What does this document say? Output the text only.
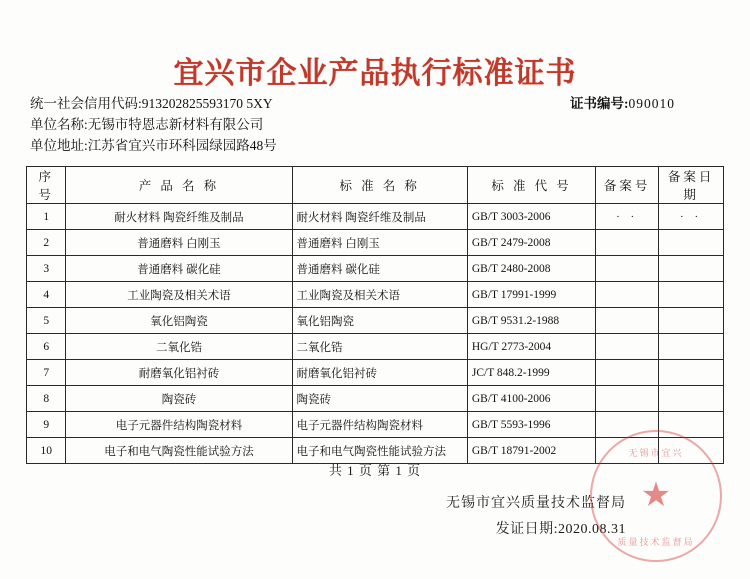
宜兴市企业产品执行标准证书
统一社会信用代码:913202825593170 5XY	证书编号:090010
单位名称:无锡市特恩志新材料有限公司
单位地址:江苏省宜兴市环科园绿园路48号
序号	产 品 名 称	标 准 名 称	标 准 代 号	备案号	备案日期
1	耐火材料 陶瓷纤维及制品	耐火材料 陶瓷纤维及制品	GB/T 3003-2006	· ·	· ·
2	普通磨料 白刚玉	普通磨料 白刚玉	GB/T 2479-2008		
3	普通磨料 碳化硅	普通磨料 碳化硅	GB/T 2480-2008		
4	工业陶瓷及相关术语	工业陶瓷及相关术语	GB/T 17991-1999		
5	氧化铝陶瓷	氧化铝陶瓷	GB/T 9531.2-1988		
6	二氧化锆	二氧化锆	HG/T 2773-2004		
7	耐磨氧化铝衬砖	耐磨氧化铝衬砖	JC/T 848.2-1999		
8	陶瓷砖	陶瓷砖	GB/T 4100-2006		
9	电子元器件结构陶瓷材料	电子元器件结构陶瓷材料	GB/T 5593-1996		
10	电子和电气陶瓷性能试验方法	电子和电气陶瓷性能试验方法	GB/T 18791-2002		
共 1 页 第 1 页
无锡市宜兴质量技术监督局
发证日期:2020.08.31
无锡市宜兴
★
质量技术监督局
